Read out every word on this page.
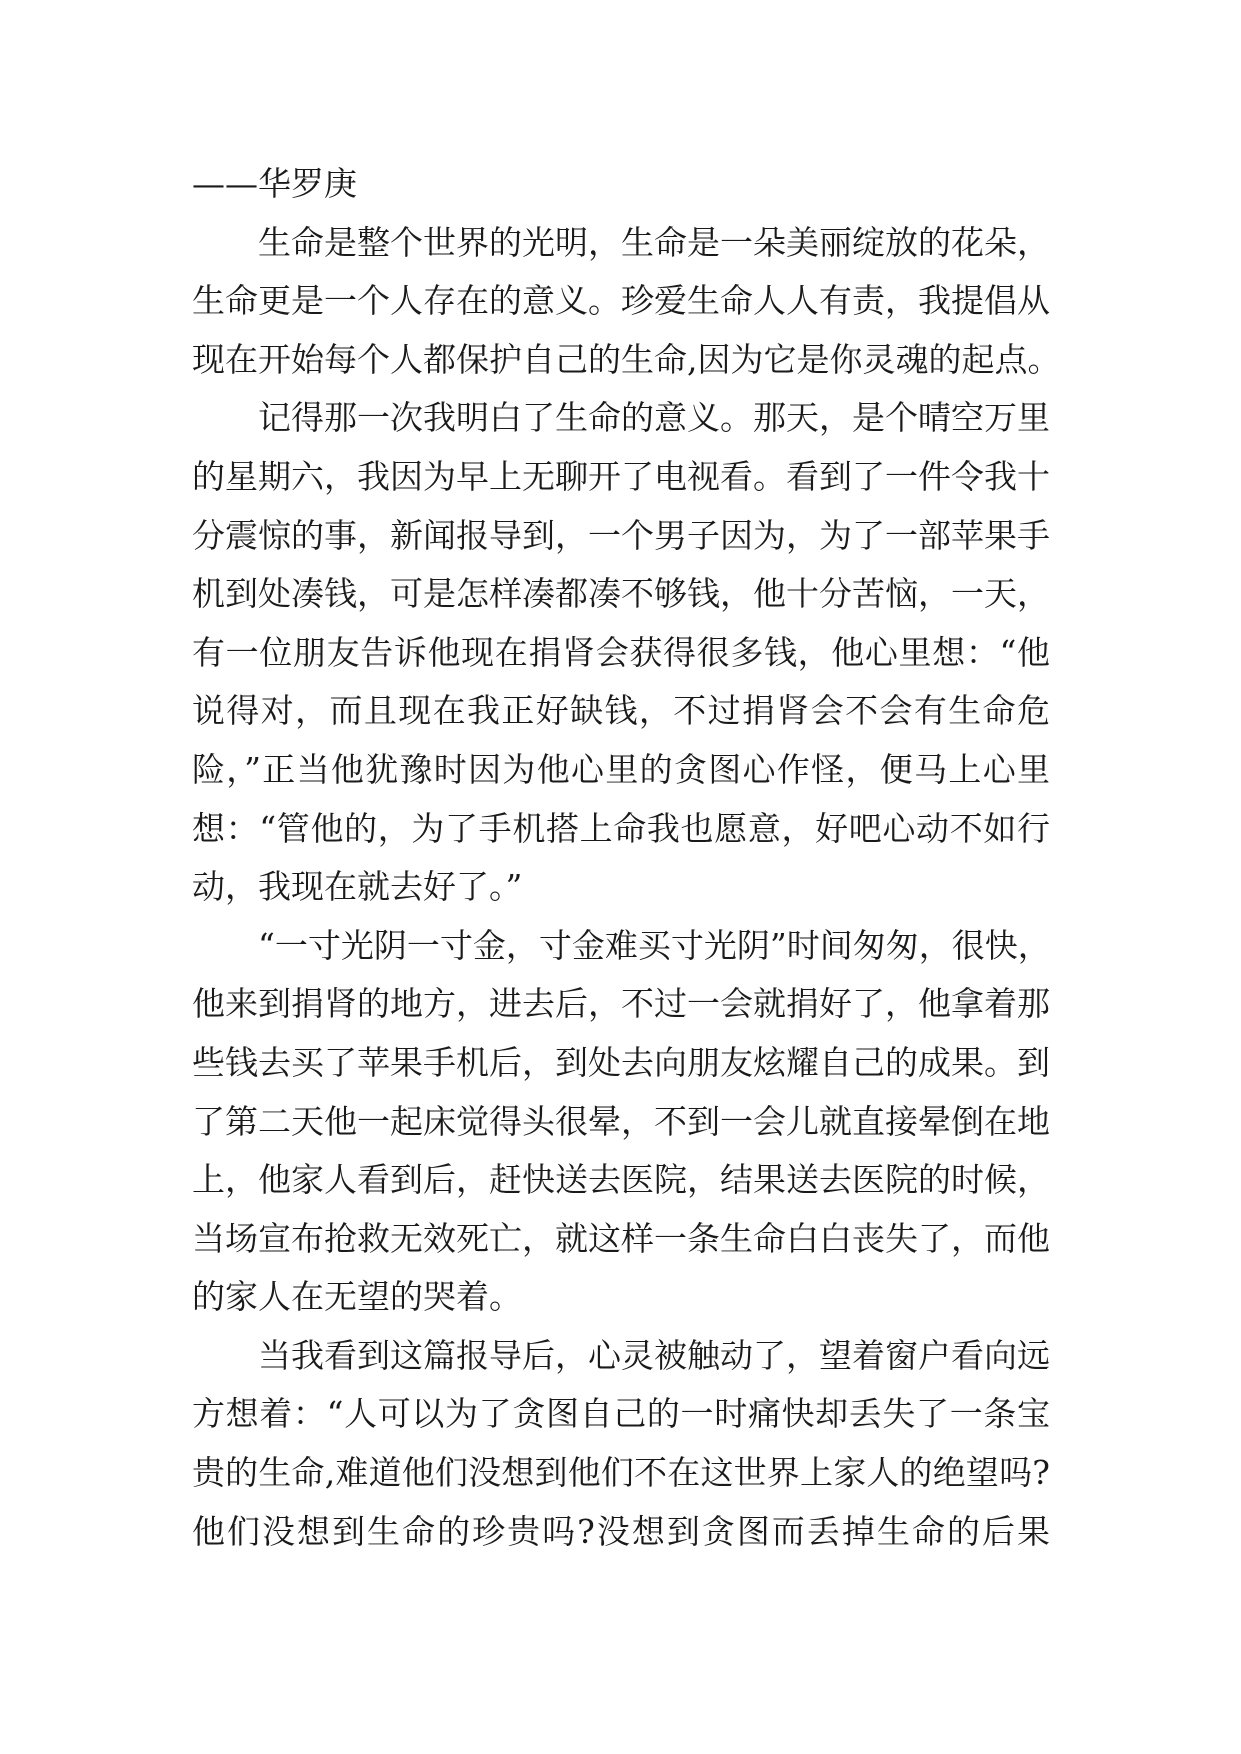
——华罗庚
生命是整个世界的光明，生命是一朵美丽绽放的花朵，
生命更是一个人存在的意义。珍爱生命人人有责，我提倡从
现在开始每个人都保护自己的生命,因为它是你灵魂的起点。
记得那一次我明白了生命的意义。那天，是个晴空万里
的星期六，我因为早上无聊开了电视看。看到了一件令我十
分震惊的事，新闻报导到，一个男子因为，为了一部苹果手
机到处凑钱，可是怎样凑都凑不够钱，他十分苦恼，一天，
有一位朋友告诉他现在捐肾会获得很多钱，他心里想：“他
说得对，而且现在我正好缺钱，不过捐肾会不会有生命危
险，”正当他犹豫时因为他心里的贪图心作怪，便马上心里
想：“管他的，为了手机搭上命我也愿意，好吧心动不如行
动，我现在就去好了。”
“一寸光阴一寸金，寸金难买寸光阴”时间匆匆，很快，
他来到捐肾的地方，进去后，不过一会就捐好了，他拿着那
些钱去买了苹果手机后，到处去向朋友炫耀自己的成果。到
了第二天他一起床觉得头很晕，不到一会儿就直接晕倒在地
上，他家人看到后，赶快送去医院，结果送去医院的时候，
当场宣布抢救无效死亡，就这样一条生命白白丧失了，而他
的家人在无望的哭着。
当我看到这篇报导后，心灵被触动了，望着窗户看向远
方想着：“人可以为了贪图自己的一时痛快却丢失了一条宝
贵的生命,难道他们没想到他们不在这世界上家人的绝望吗?
他们没想到生命的珍贵吗?没想到贪图而丢掉生命的后果
